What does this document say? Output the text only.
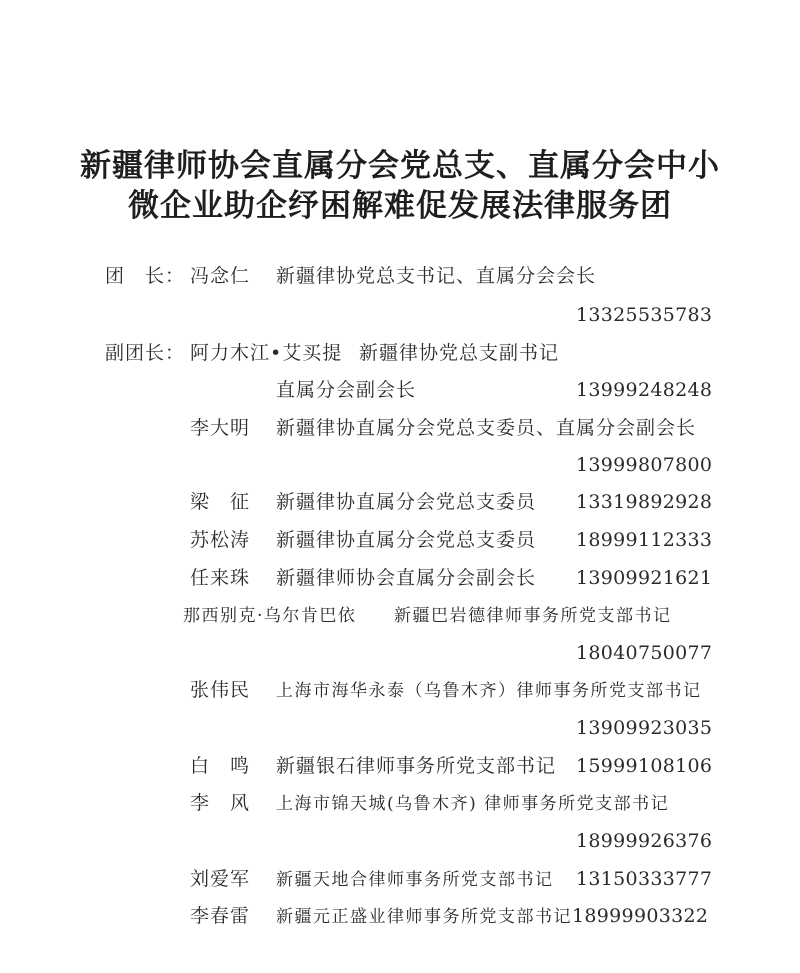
新疆律师协会直属分会党总支、直属分会中小
微企业助企纾困解难促发展法律服务团
团　长： 冯念仁 新疆律协党总支书记、直属分会会长
13325535783
副团长： 阿力木江•艾买提 新疆律协党总支副书记
直属分会副会长	13999248248
李大明 新疆律协直属分会党总支委员、直属分会副会长
13999807800
梁　征 新疆律协直属分会党总支委员 13319892928
苏松涛 新疆律协直属分会党总支委员 18999112333
任来珠 新疆律师协会直属分会副会长 13909921621
那西别克·乌尔肯巴依 新疆巴岩德律师事务所党支部书记
18040750077
张伟民 上海市海华永泰（乌鲁木齐）律师事务所党支部书记
13909923035
白　鸣 新疆银石律师事务所党支部书记 15999108106
李　风 上海市锦天城(乌鲁木齐) 律师事务所党支部书记
18999926376
刘爱军 新疆天地合律师事务所党支部书记 13150333777
李春雷 新疆元正盛业律师事务所党支部书记 18999903322
